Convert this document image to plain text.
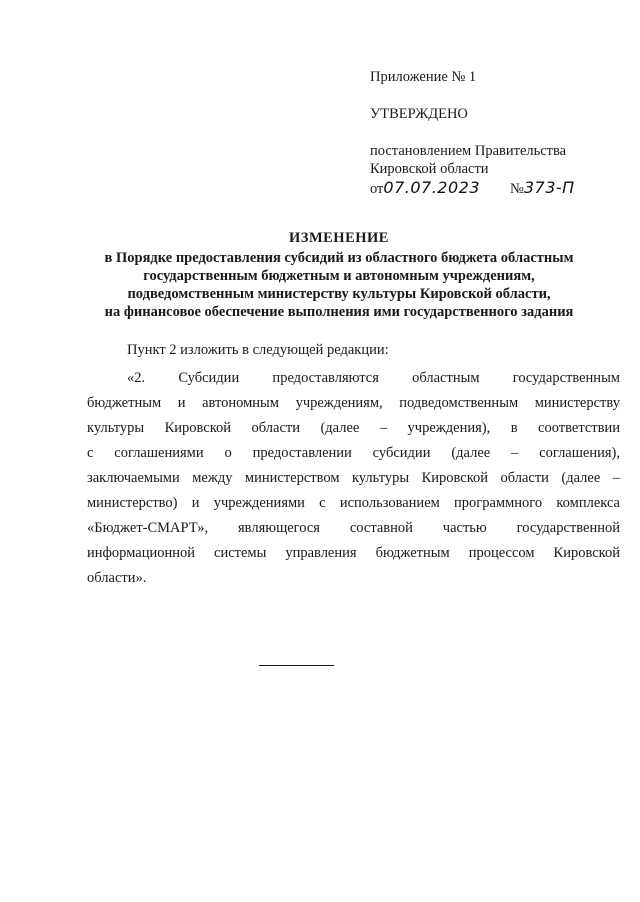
Приложение № 1
УТВЕРЖДЕНО
постановлением Правительства
Кировской области
от07.07.2023 №373-П
ИЗМЕНЕНИЕ
в Порядке предоставления субсидий из областного бюджета областным
государственным бюджетным и автономным учреждениям,
подведомственным министерству культуры Кировской области,
на финансовое обеспечение выполнения ими государственного задания
Пункт 2 изложить в следующей редакции:
«2. Субсидии предоставляются областным государственным
бюджетным и автономным учреждениям, подведомственным министерству
культуры Кировской области (далее – учреждения), в соответствии
с соглашениями о предоставлении субсидии (далее – соглашения),
заключаемыми между министерством культуры Кировской области (далее –
министерство) и учреждениями с использованием программного комплекса
«Бюджет-СМАРТ», являющегося составной частью государственной
информационной системы управления бюджетным процессом Кировской
области».
